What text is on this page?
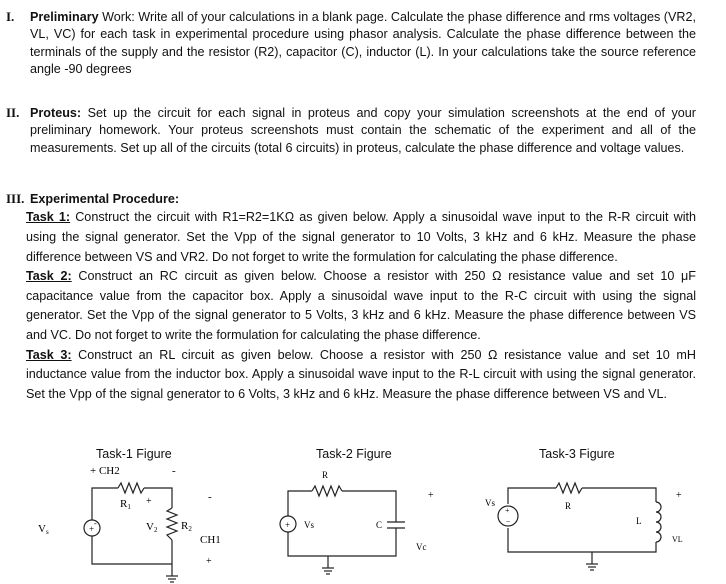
I. Preliminary Work: Write all of your calculations in a blank page. Calculate the phase difference and rms voltages (VR2, VL, VC) for each task in experimental procedure using phasor analysis. Calculate the phase difference between the terminals of the supply and the resistor (R2), capacitor (C), inductor (L). In your calculations take the source reference angle -90 degrees
II. Proteus: Set up the circuit for each signal in proteus and copy your simulation screenshots at the end of your preliminary homework. Your proteus screenshots must contain the schematic of the experiment and all of the measurements. Set up all of the circuits (total 6 circuits) in proteus, calculate the phase difference and voltage values.
III. Experimental Procedure:
Task 1: Construct the circuit with R1=R2=1KΩ as given below. Apply a sinusoidal wave input to the R-R circuit with using the signal generator. Set the Vpp of the signal generator to 10 Volts, 3 kHz and 6 kHz. Measure the phase difference between VS and VR2. Do not forget to write the formulation for calculating the phase difference.
Task 2: Construct an RC circuit as given below. Choose a resistor with 250 Ω resistance value and set 10 μF capacitance value from the capacitor box. Apply a sinusoidal wave input to the R-C circuit with using the signal generator. Set the Vpp of the signal generator to 5 Volts, 3 kHz and 6 kHz. Measure the phase difference between VS and VC. Do not forget to write the formulation for calculating the phase difference.
Task 3: Construct an RL circuit as given below. Choose a resistor with 250 Ω resistance value and set 10 mH inductance value from the inductor box. Apply a sinusoidal wave input to the R-L circuit with using the signal generator. Set the Vpp of the signal generator to 6 Volts, 3 kHz and 6 kHz. Measure the phase difference between VS and VL.
Task-1 Figure	Task-2 Figure	Task-3 Figure
+
-
+ CH2	-
R1 +
V2 R2
-
CH1
+
Vs
+
R
Vs	C
+
Vc
+
−
Vs	R
L
+
VL
